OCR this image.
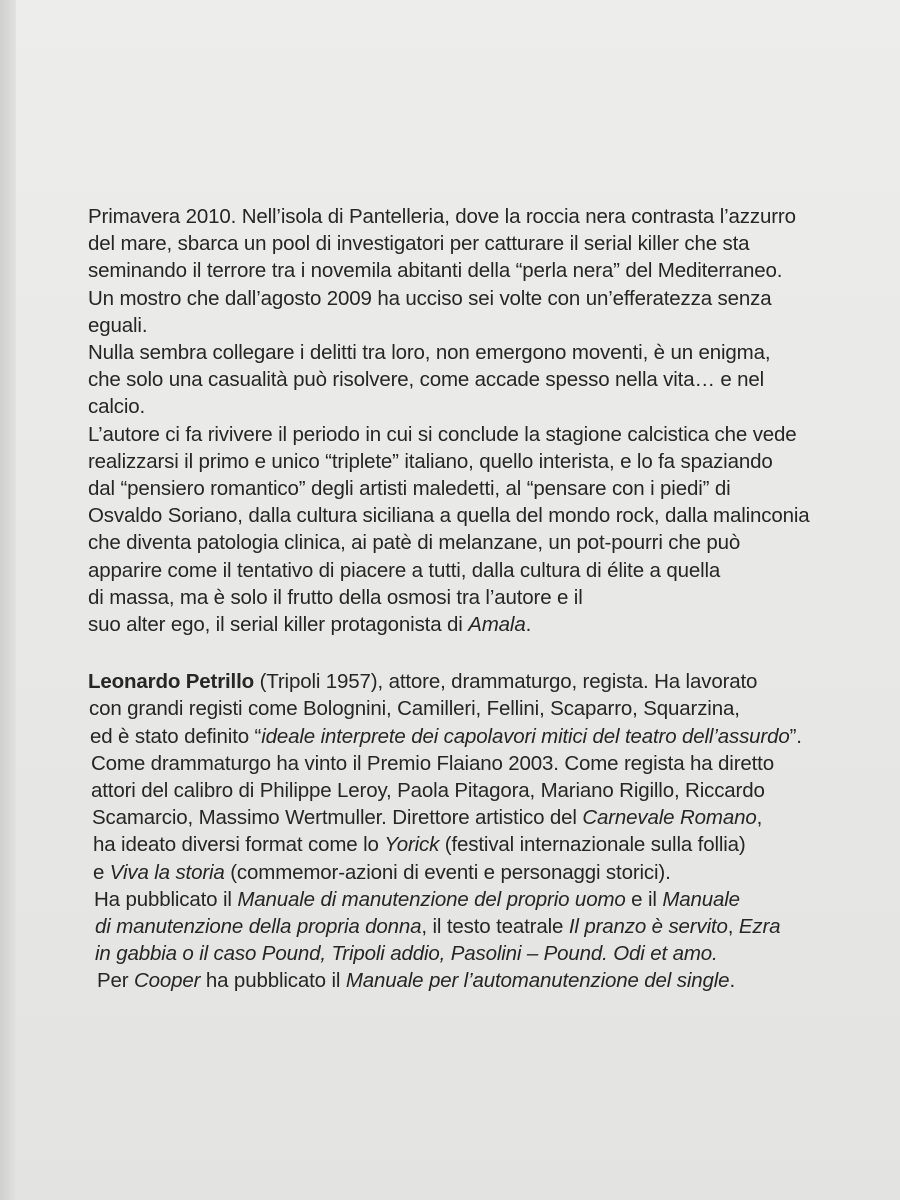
Primavera 2010. Nell’isola di Pantelleria, dove la roccia nera contrasta l’azzurro
del mare, sbarca un pool di investigatori per catturare il serial killer che sta
seminando il terrore tra i novemila abitanti della “perla nera” del Mediterraneo.
Un mostro che dall’agosto 2009 ha ucciso sei volte con un’efferatezza senza
eguali.
Nulla sembra collegare i delitti tra loro, non emergono moventi, è un enigma,
che solo una casualità può risolvere, come accade spesso nella vita… e nel
calcio.
L’autore ci fa rivivere il periodo in cui si conclude la stagione calcistica che vede
realizzarsi il primo e unico “triplete” italiano, quello interista, e lo fa spaziando
dal “pensiero romantico” degli artisti maledetti, al “pensare con i piedi” di
Osvaldo Soriano, dalla cultura siciliana a quella del mondo rock, dalla malinconia
che diventa patologia clinica, ai patè di melanzane, un pot-pourri che può
apparire come il tentativo di piacere a tutti, dalla cultura di élite a quella
di massa, ma è solo il frutto della osmosi tra l’autore e il
suo alter ego, il serial killer protagonista di Amala.
Leonardo Petrillo (Tripoli 1957), attore, drammaturgo, regista. Ha lavorato
con grandi registi come Bolognini, Camilleri, Fellini, Scaparro, Squarzina,
ed è stato definito “ideale interprete dei capolavori mitici del teatro dell’assurdo”.
Come drammaturgo ha vinto il Premio Flaiano 2003. Come regista ha diretto
attori del calibro di Philippe Leroy, Paola Pitagora, Mariano Rigillo, Riccardo
Scamarcio, Massimo Wertmuller. Direttore artistico del Carnevale Romano,
ha ideato diversi format come lo Yorick (festival internazionale sulla follia)
e Viva la storia (commemor-azioni di eventi e personaggi storici).
Ha pubblicato il Manuale di manutenzione del proprio uomo e il Manuale
di manutenzione della propria donna, il testo teatrale Il pranzo è servito, Ezra
in gabbia o il caso Pound, Tripoli addio, Pasolini – Pound. Odi et amo.
Per Cooper ha pubblicato il Manuale per l’automanutenzione del single.
